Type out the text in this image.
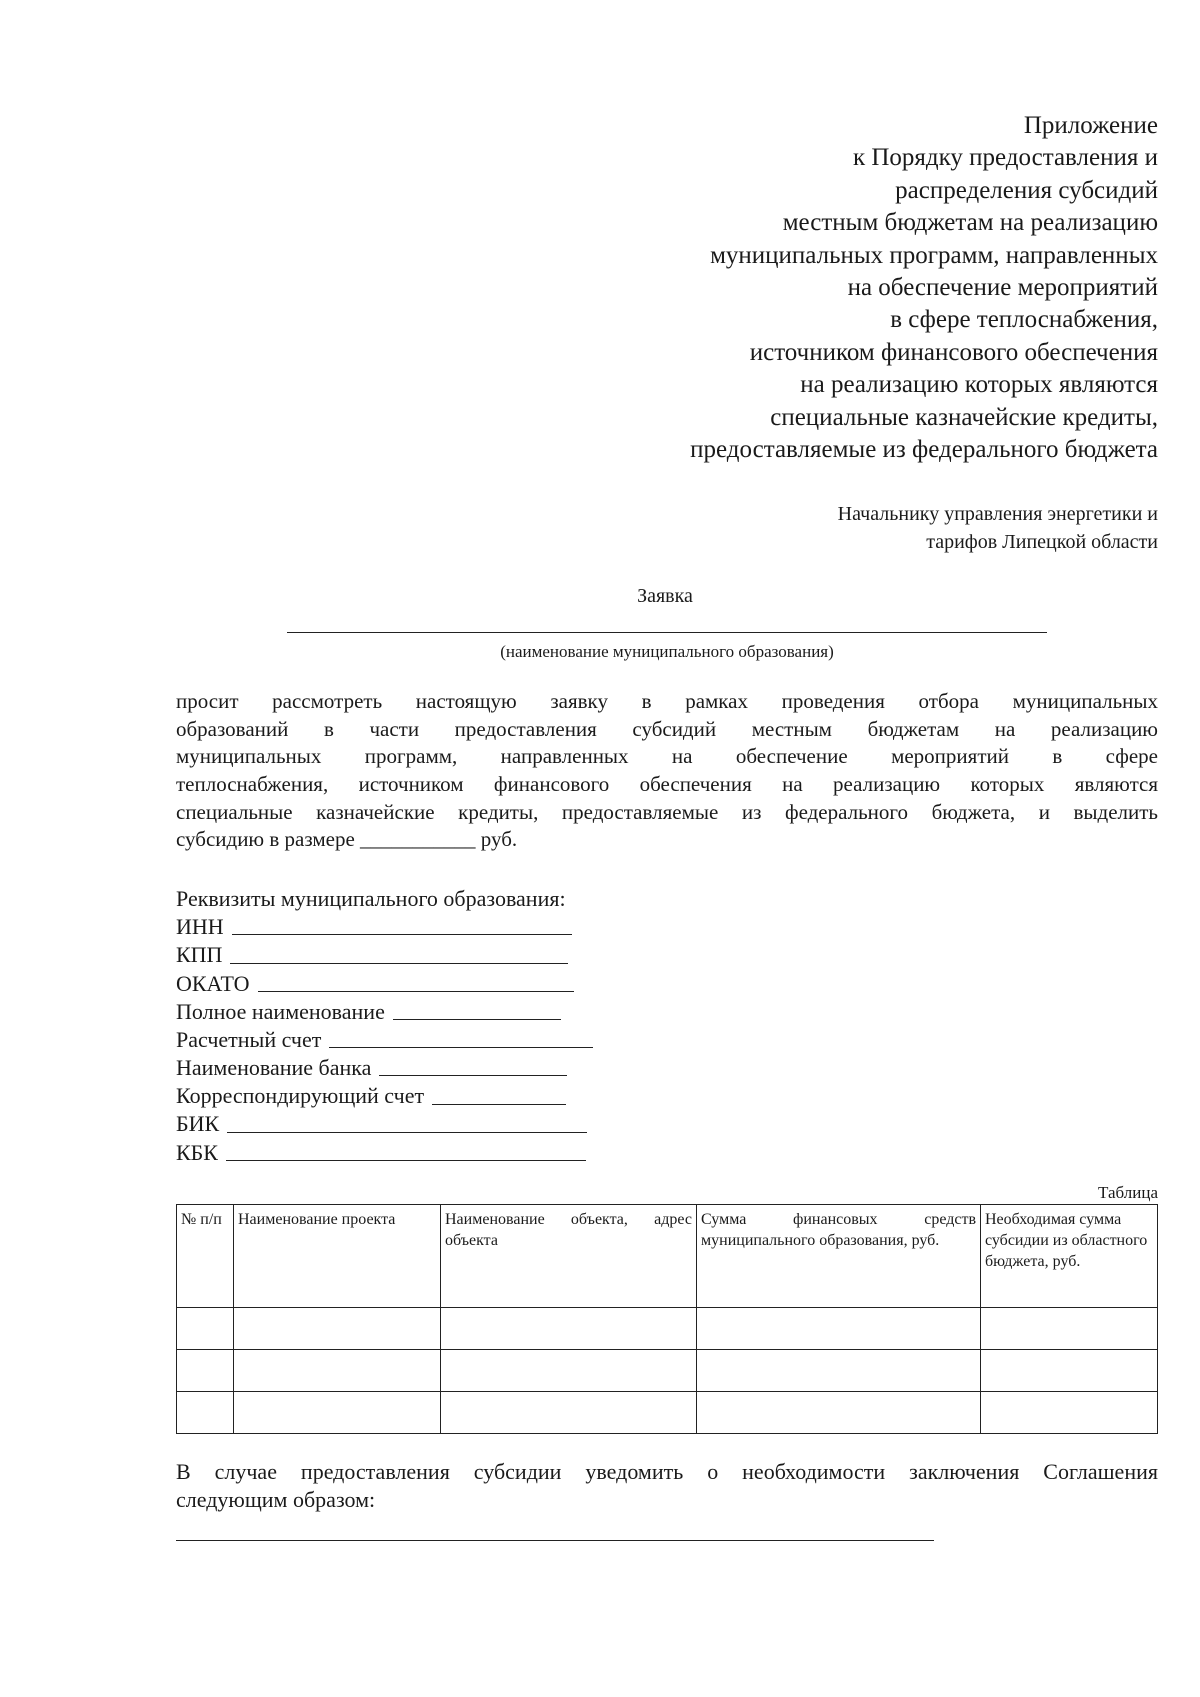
Приложение
к Порядку предоставления и
распределения субсидий
местным бюджетам на реализацию
муниципальных программ, направленных
на обеспечение мероприятий
в сфере теплоснабжения,
источником финансового обеспечения
на реализацию которых являются
специальные казначейские кредиты,
предоставляемые из федерального бюджета
Начальнику управления энергетики и
тарифов Липецкой области
Заявка
(наименование муниципального образования)
просит рассмотреть настоящую заявку в рамках проведения отбора муниципальных
образований в части предоставления субсидий местным бюджетам на реализацию
муниципальных программ, направленных на обеспечение мероприятий в сфере
теплоснабжения, источником финансового обеспечения на реализацию которых являются
специальные казначейские кредиты, предоставляемые из федерального бюджета, и выделить
субсидию в размере ___________ руб.
Реквизиты муниципального образования:
ИНН
КПП
ОКАТО
Полное наименование
Расчетный счет
Наименование банка
Корреспондирующий счет
БИК
КБК
Таблица
№ п/п	Наименование проекта	Наименование объекта, адрес объекта	Сумма финансовых средств муниципального образования, руб.	Необходимая сумма субсидии из областного бюджета, руб.

В случае предоставления субсидии уведомить о необходимости заключения Соглашения
следующим образом:
